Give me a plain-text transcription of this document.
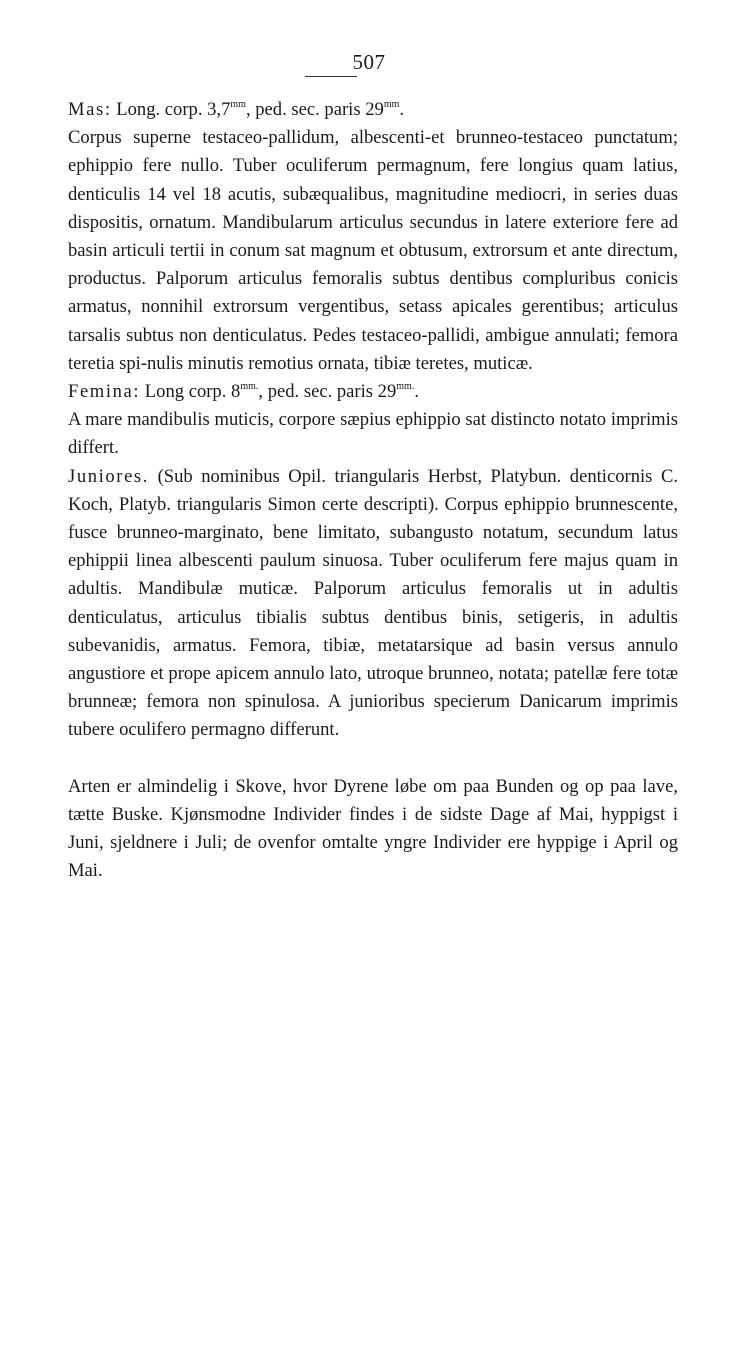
507

Mas: Long. corp. $3,7^{mm}$, ped. sec. paris $29^{mm}$.

Corpus superne testaceo-pallidum, albescenti-et brunneo-testaceo punctatum; ephippio fere nullo. Tuber oculiferum permagnum, fere longius quam latius, denticulis 14 vel 18 acutis, subæqualibus, magnitudine mediocri, in series duas dispositis, ornatum. Mandibularum articulus secundus in latere exteriore fere ad basin articuli tertii in conum sat magnum et obtusum, extrorsum et ante directum, productus. Palporum articulus femoralis subtus dentibus compluribus conicis armatus, nonnihil extrorsum vergentibus, setass apicales gerentibus; articulus tarsalis subtus non denticulatus. Pedes testaceo-pallidi, ambigue annulati; femora teretia spi-nulis minutis remotius ornata, tibiæ teretes, muticæ.

Femina: Long corp. $8^{mm.}$, ped. sec. paris $29^{mm.}$.

A mare mandibulis muticis, corpore sæpius ephippio sat distincto notato imprimis differt.

Juniores. (Sub nominibus Opil. triangularis Herbst, Platybun. denticornis C. Koch, Platyb. triangularis Simon certe descripti). Corpus ephippio brunnescente, fusce brunneo-marginato, bene limitato, subangusto notatum, secundum latus ephippii linea albescenti paulum sinuosa. Tuber oculiferum fere majus quam in adultis. Mandibulæ muticæ. Palporum articulus femoralis ut in adultis denticulatus, articulus tibialis subtus dentibus binis, setigeris, in adultis subevanidis, armatus. Femora, tibiæ, metatarsique ad basin versus annulo angustiore et prope apicem annulo lato, utroque brunneo, notata; patellæ fere totæ brunneæ; femora non spinulosa. A junioribus specierum Danicarum imprimis tubere oculifero permagno differunt.

Arten er almindelig i Skove, hvor Dyrene løbe om paa Bunden og op paa lave, tætte Buske. Kjønsmodne Individer findes i de sidste Dage af Mai, hyppigst i Juni, sjeldnere i Juli; de ovenfor omtalte yngre Individer ere hyppige i April og Mai.
